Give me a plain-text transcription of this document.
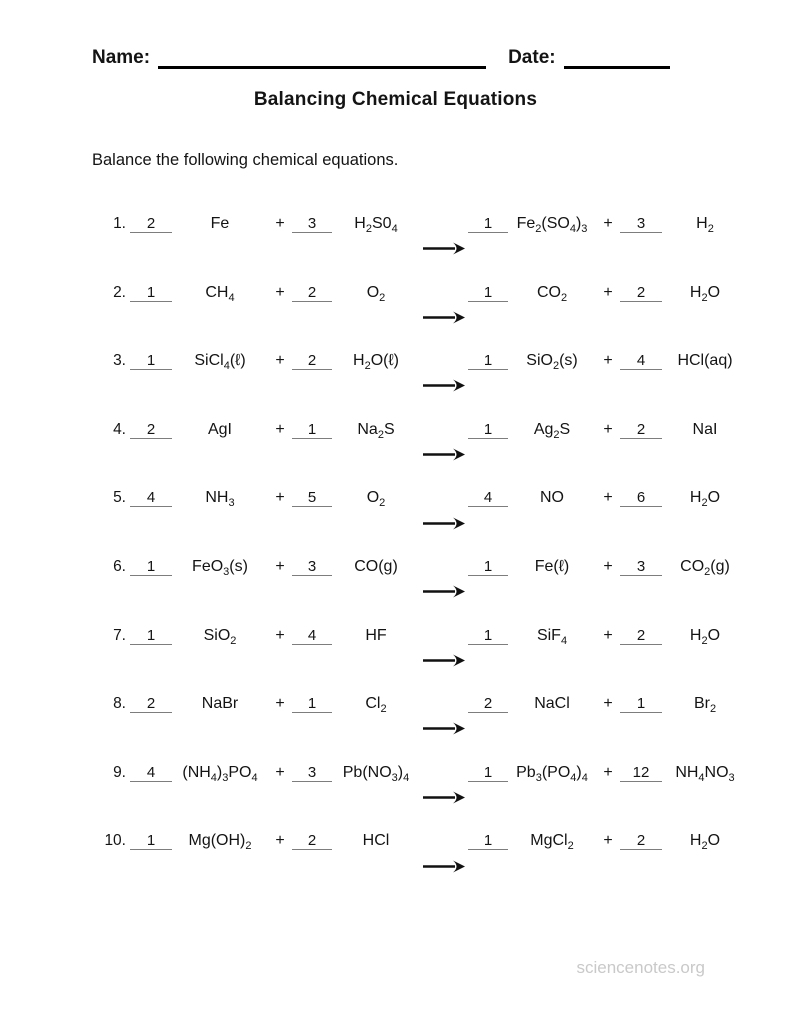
Name:	Date:
Balancing Chemical Equations
Balance the following chemical equations.
1.	2	Fe	+	3	$H_2S0_4$	1	$Fe_2(SO_4)_3$ +	3	$H_2$
2.	1	$CH_4$	+	2	$O_2$	1	$CO_2$	+	2	$H_2O$
3.	1	SiCl$_4$(ℓ)	+	2	$H_2O(\ell)$	1	SiO$_2$(s)	+	4	HCl(aq)
4.	2	AgI	+	1	$Na_2S$	1	$Ag_2S$	+	2	NaI
5.	4	$NH_3$	+	5	$O_2$	4	NO	+	6	$H_2O$
6.	1	FeO$_3$(s)	+	3	CO(g)	1	Fe(ℓ)	+	3	$CO_2(g)$
7.	1	SiO$_2$	+	4	HF	1	SiF$_4$	+	2	$H_2O$
8.	2	NaBr	+	1	$Cl_2$	2	NaCl	+	1	$Br_2$
9.	4	$(NH_4)_3PO_4$	+	3	$Pb(NO_3)_4$	1	$Pb_3(PO_4)_4$ +	12	$NH_4NO_3$
10.	1	$Mg(OH)_2$	+	2	HCl	1	MgCl$_2$	+	2	$H_2O$
sciencenotes.org
